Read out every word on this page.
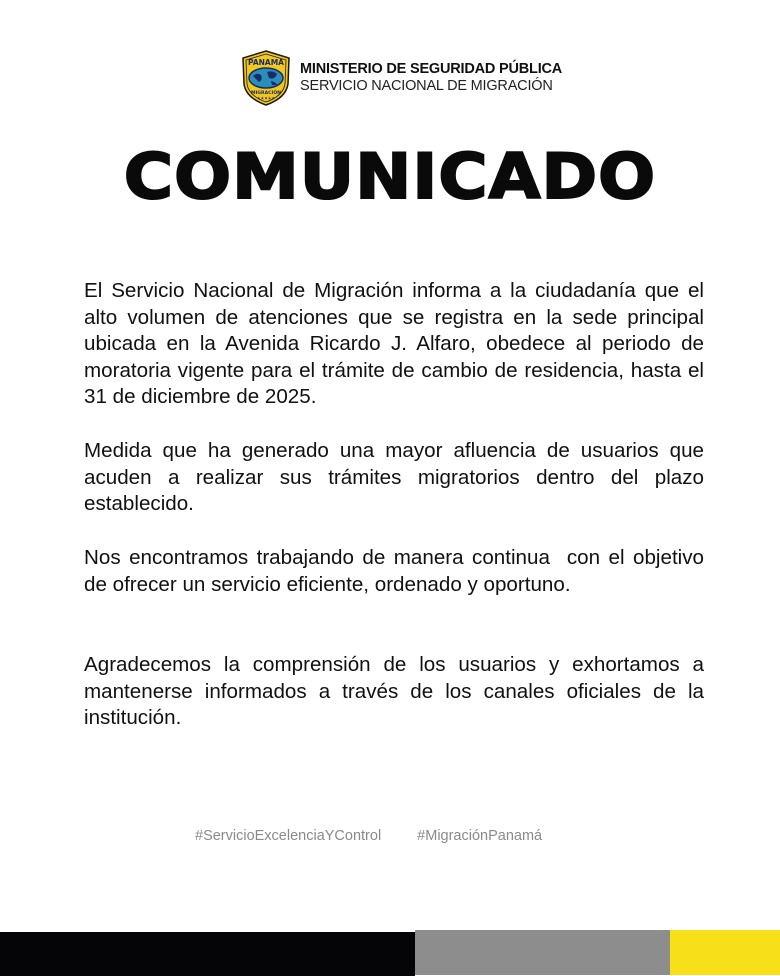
PANAMA
MIGRACIÓN
★★★★★
MINISTERIO DE SEGURIDAD PÚBLICA
SERVICIO NACIONAL DE MIGRACIÓN
COMUNICADO

El Servicio Nacional de Migración informa a la ciudadanía que el alto volumen de atenciones que se registra en la sede principal ubicada en la Avenida Ricardo J. Alfaro, obedece al periodo de moratoria vigente para el trámite de cambio de residencia, hasta el 31 de diciembre de 2025.

Medida que ha generado una mayor afluencia de usuarios que acuden a realizar sus trámites migratorios dentro del plazo establecido.

Nos encontramos trabajando de manera continua  con el objetivo de ofrecer un servicio eficiente, ordenado y oportuno.

Agradecemos la comprensión de los usuarios y exhortamos a mantenerse informados a través de los canales oficiales de la institución.

#ServicioExcelenciaYControl #MigraciónPanamá
